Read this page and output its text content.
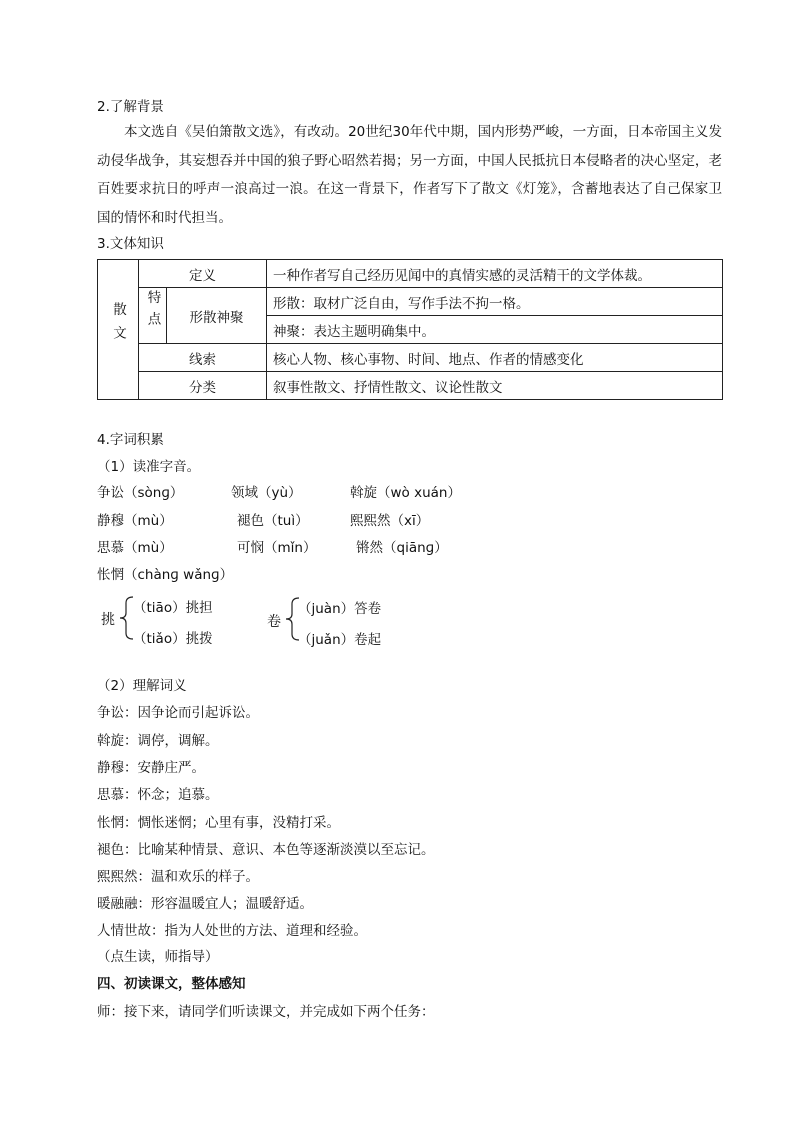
2.了解背景
本文选自《吴伯箫散文选》，有改动。20世纪30年代中期，国内形势严峻，一方面，日本帝国主义发动侵华战争，其妄想吞并中国的狼子野心昭然若揭；另一方面，中国人民抵抗日本侵略者的决心坚定，老百姓要求抗日的呼声一浪高过一浪。在这一背景下，作者写下了散文《灯笼》，含蓄地表达了自己保家卫国的情怀和时代担当。
3.文体知识
散文	定义		一种作者写自己经历见闻中的真情实感的灵活精干的文学体裁。
	特点	形散神聚	形散：取材广泛自由，写作手法不拘一格。
			神聚：表达主题明确集中。
	线索		核心人物、核心事物、时间、地点、作者的情感变化
	分类		叙事性散文、抒情性散文、议论性散文
4.字词积累
（1）读准字音。
争讼（sònɡ）	领域（yù）	斡旋（wò xuán）
静穆（mù）	褪色（tuì）	熙熙然（xī）
思慕（mù）	可悯（mǐn）	锵然（qiānɡ）
怅惘（chànɡ wǎnɡ）
挑
（tiāo）挑担
（tiǎo）挑拨
卷
（juàn）答卷
（juǎn）卷起
（2）理解词义
争讼：因争论而引起诉讼。
斡旋：调停，调解。
静穆：安静庄严。
思慕：怀念；追慕。
怅惘：惆怅迷惘；心里有事，没精打采。
褪色：比喻某种情景、意识、本色等逐渐淡漠以至忘记。
熙熙然：温和欢乐的样子。
暖融融：形容温暖宜人；温暖舒适。
人情世故：指为人处世的方法、道理和经验。
（点生读，师指导）
四、初读课文，整体感知
师：接下来，请同学们听读课文，并完成如下两个任务：
